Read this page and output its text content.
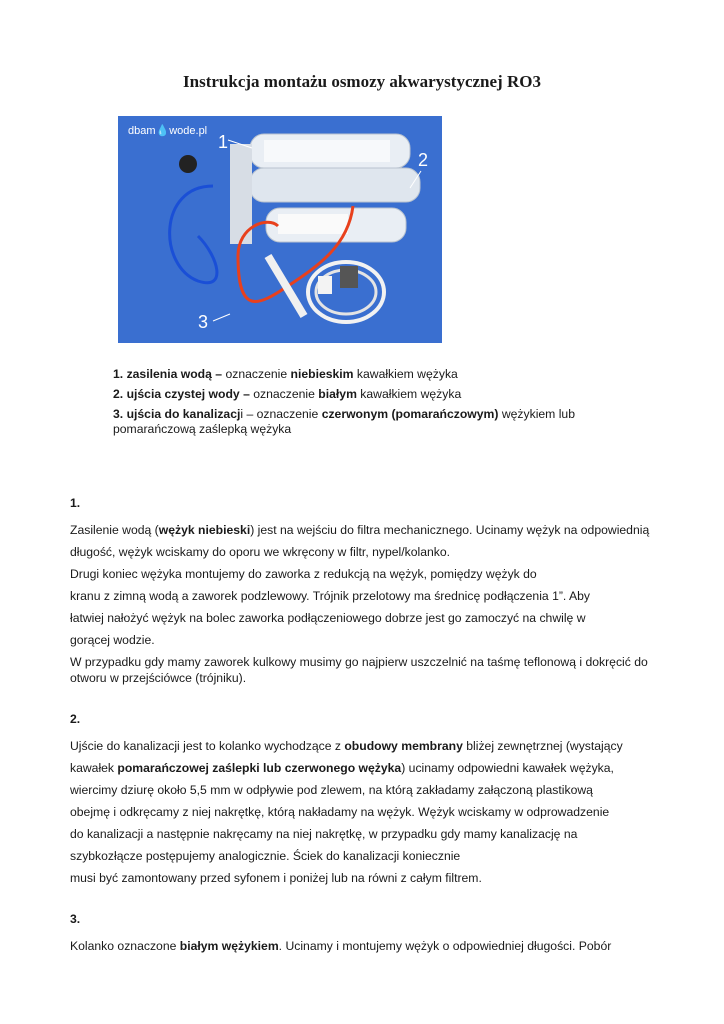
Instrukcja montażu osmozy akwarystycznej RO3
dbam💧wode.pl
1
2
3

1. zasilenia wodą – oznaczenie niebieskim kawałkiem wężyka

2. ujścia czystej wody – oznaczenie białym kawałkiem wężyka

3. ujścia do kanalizacji – oznaczenie czerwonym (pomarańczowym) wężykiem lub
pomarańczową zaślepką wężyka

1.

Zasilenie wodą (wężyk niebieski) jest na wejściu do filtra mechanicznego. Ucinamy wężyk na odpowiednią

długość, wężyk wciskamy do oporu we wkręcony w filtr, nypel/kolanko.

Drugi koniec wężyka montujemy do zaworka z redukcją na wężyk, pomiędzy wężyk do

kranu z zimną wodą a zaworek podzlewowy. Trójnik przelotowy ma średnicę podłączenia 1”. Aby

łatwiej nałożyć wężyk na bolec zaworka podłączeniowego dobrze jest go zamoczyć na chwilę w

gorącej wodzie.

W przypadku gdy mamy zaworek kulkowy musimy go najpierw uszczelnić na taśmę teflonową i dokręcić do

otworu w przejściówce (trójniku).

2.

Ujście do kanalizacji jest to kolanko wychodzące z obudowy membrany bliżej zewnętrznej (wystający

kawałek pomarańczowej zaślepki lub czerwonego wężyka) ucinamy odpowiedni kawałek wężyka,

wiercimy dziurę około 5,5 mm w odpływie pod zlewem, na którą zakładamy załączoną plastikową

obejmę i odkręcamy z niej nakrętkę, którą nakładamy na wężyk. Wężyk wciskamy w odprowadzenie

do kanalizacji a następnie nakręcamy na niej nakrętkę, w przypadku gdy mamy kanalizację na

szybkozłącze postępujemy analogicznie. Ściek do kanalizacji koniecznie

musi być zamontowany przed syfonem i poniżej lub na równi z całym filtrem.

3.

Kolanko oznaczone białym wężykiem. Ucinamy i montujemy wężyk o odpowiedniej długości. Pobór
